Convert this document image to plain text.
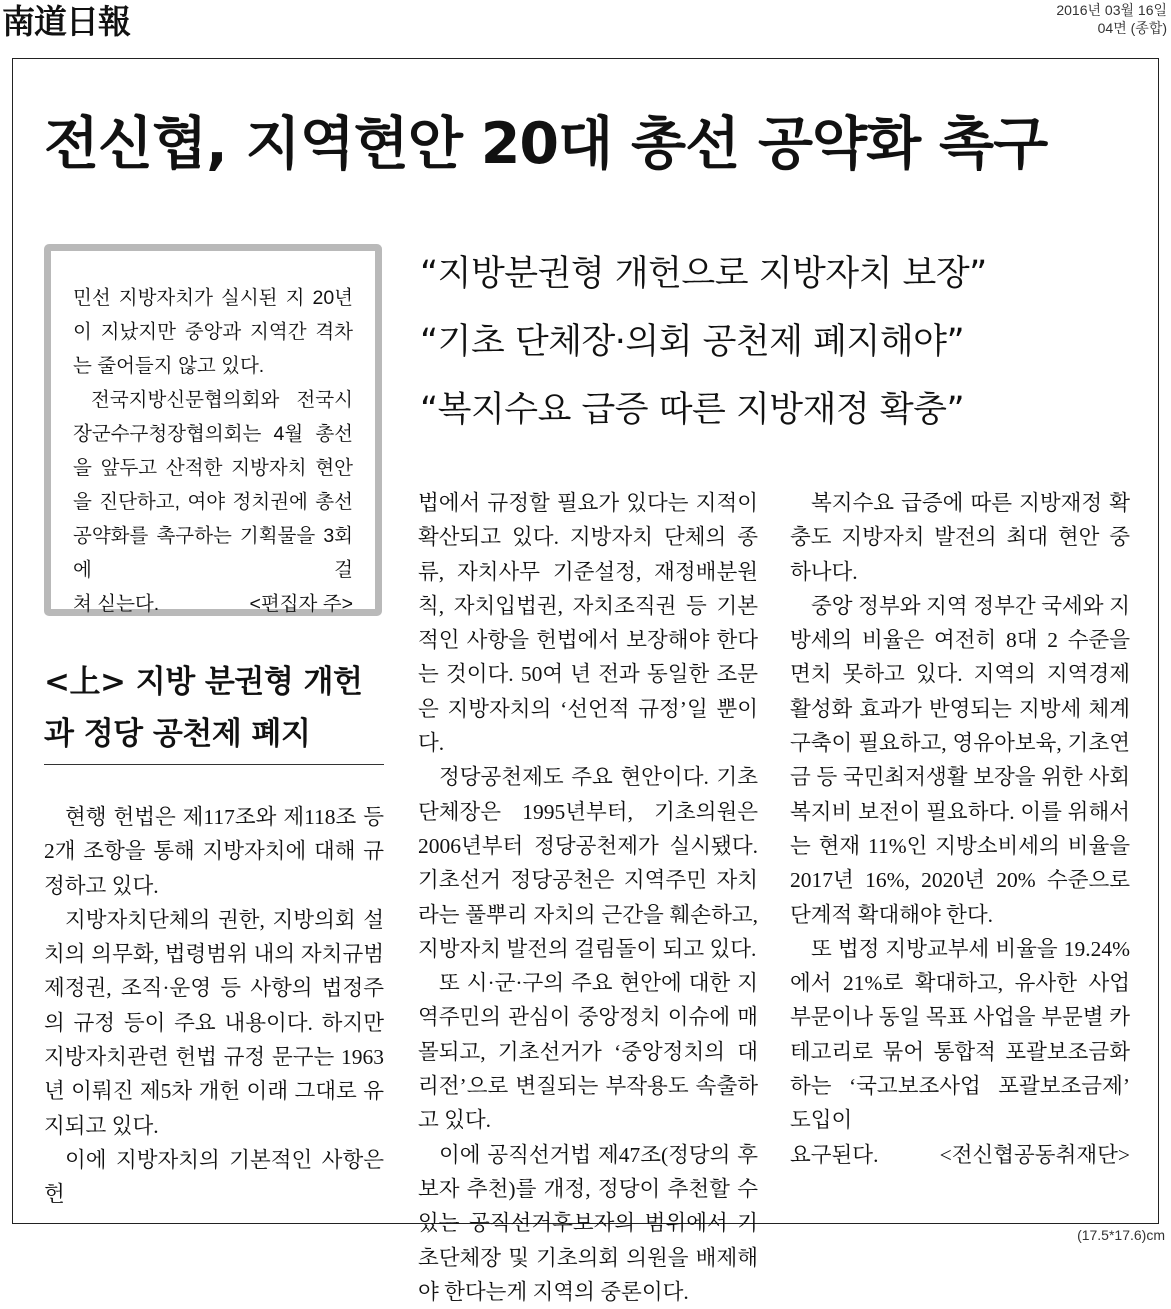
南道日報	2016년 03월 16일
04면 (종합)
전신협, 지역현안 20대 총선 공약화 촉구
“지방분권형 개헌으로 지방자치 보장”
“기초 단체장·의회 공천제 폐지해야”
“복지수요 급증 따른 지방재정 확충”

민선 지방자치가 실시된 지 20년이 지났지만 중앙과 지역간 격차는 줄어들지 않고 있다.

전국지방신문협의회와 전국시장군수구청장협의회는 4월 총선을 앞두고 산적한 지방자치 현안을 진단하고, 여야 정치권에 총선 공약화를 촉구하는 기획물을 3회에 걸

쳐 싣는다.	<편집자 주>
<上> 지방 분권형 개헌과 정당 공천제 폐지

현행 헌법은 제117조와 제118조 등 2개 조항을 통해 지방자치에 대해 규정하고 있다.

지방자치단체의 권한, 지방의회 설치의 의무화, 법령범위 내의 자치규범 제정권, 조직·운영 등 사항의 법정주의 규정 등이 주요 내용이다. 하지만 지방자치관련 헌법 규정 문구는 1963년 이뤄진 제5차 개헌 이래 그대로 유지되고 있다.

이에 지방자치의 기본적인 사항은 헌

법에서 규정할 필요가 있다는 지적이 확산되고 있다. 지방자치 단체의 종류, 자치사무 기준설정, 재정배분원칙, 자치입법권, 자치조직권 등 기본적인 사항을 헌법에서 보장해야 한다는 것이다. 50여 년 전과 동일한 조문은 지방자치의 ‘선언적 규정’일 뿐이다.

정당공천제도 주요 현안이다. 기초단체장은 1995년부터, 기초의원은 2006년부터 정당공천제가 실시됐다. 기초선거 정당공천은 지역주민 자치라는 풀뿌리 자치의 근간을 훼손하고, 지방자치 발전의 걸림돌이 되고 있다.

또 시·군·구의 주요 현안에 대한 지역주민의 관심이 중앙정치 이슈에 매몰되고, 기초선거가 ‘중앙정치의 대리전’으로 변질되는 부작용도 속출하고 있다.

이에 공직선거법 제47조(정당의 후보자 추천)를 개정, 정당이 추천할 수 있는 공직선거후보자의 범위에서 기초단체장 및 기초의회 의원을 배제해야 한다는게 지역의 중론이다.

복지수요 급증에 따른 지방재정 확충도 지방자치 발전의 최대 현안 중 하나다.

중앙 정부와 지역 정부간 국세와 지방세의 비율은 여전히 8대 2 수준을 면치 못하고 있다. 지역의 지역경제 활성화 효과가 반영되는 지방세 체계 구축이 필요하고, 영유아보육, 기초연금 등 국민최저생활 보장을 위한 사회복지비 보전이 필요하다. 이를 위해서는 현재 11%인 지방소비세의 비율을 2017년 16%, 2020년 20% 수준으로 단계적 확대해야 한다.

또 법정 지방교부세 비율을 19.24%에서 21%로 확대하고, 유사한 사업 부문이나 동일 목표 사업을 부문별 카테고리로 묶어 통합적 포괄보조금화하는 ‘국고보조사업 포괄보조금제’ 도입이

요구된다.	<전신협공동취재단>
(17.5*17.6)cm
